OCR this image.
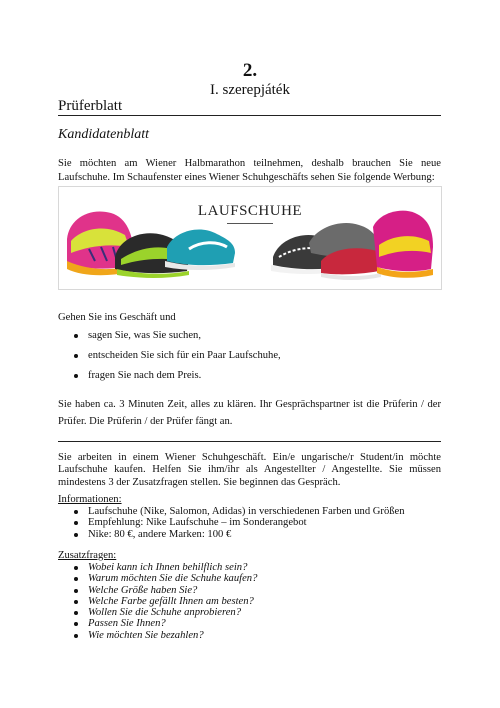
2.
I. szerepjáték
Prüferblatt
Kandidatenblatt
Sie möchten am Wiener Halbmarathon teilnehmen, deshalb brauchen Sie neue Laufschuhe. Im Schaufenster eines Wiener Schuhgeschäfts sehen Sie folgende Werbung:
LAUFSCHUHE
Gehen Sie ins Geschäft und
sagen Sie, was Sie suchen,
entscheiden Sie sich für ein Paar Laufschuhe,
fragen Sie nach dem Preis.
Sie haben ca. 3 Minuten Zeit, alles zu klären. Ihr Gesprächspartner ist die Prüferin / der Prüfer. Die Prüferin / der Prüfer fängt an.
Sie arbeiten in einem Wiener Schuhgeschäft. Ein/e ungarische/r Student/in möchte Laufschuhe kaufen. Helfen Sie ihm/ihr als Angestellter / Angestellte. Sie müssen mindestens 3 der Zusatzfragen stellen. Sie beginnen das Gespräch.
Informationen:
Laufschuhe (Nike, Salomon, Adidas) in verschiedenen Farben und Größen
Empfehlung: Nike Laufschuhe – im Sonderangebot
Nike: 80 €, andere Marken: 100 €
Zusatzfragen:
Wobei kann ich Ihnen behilflich sein?
Warum möchten Sie die Schuhe kaufen?
Welche Größe haben Sie?
Welche Farbe gefällt Ihnen am besten?
Wollen Sie die Schuhe anprobieren?
Passen Sie Ihnen?
Wie möchten Sie bezahlen?
